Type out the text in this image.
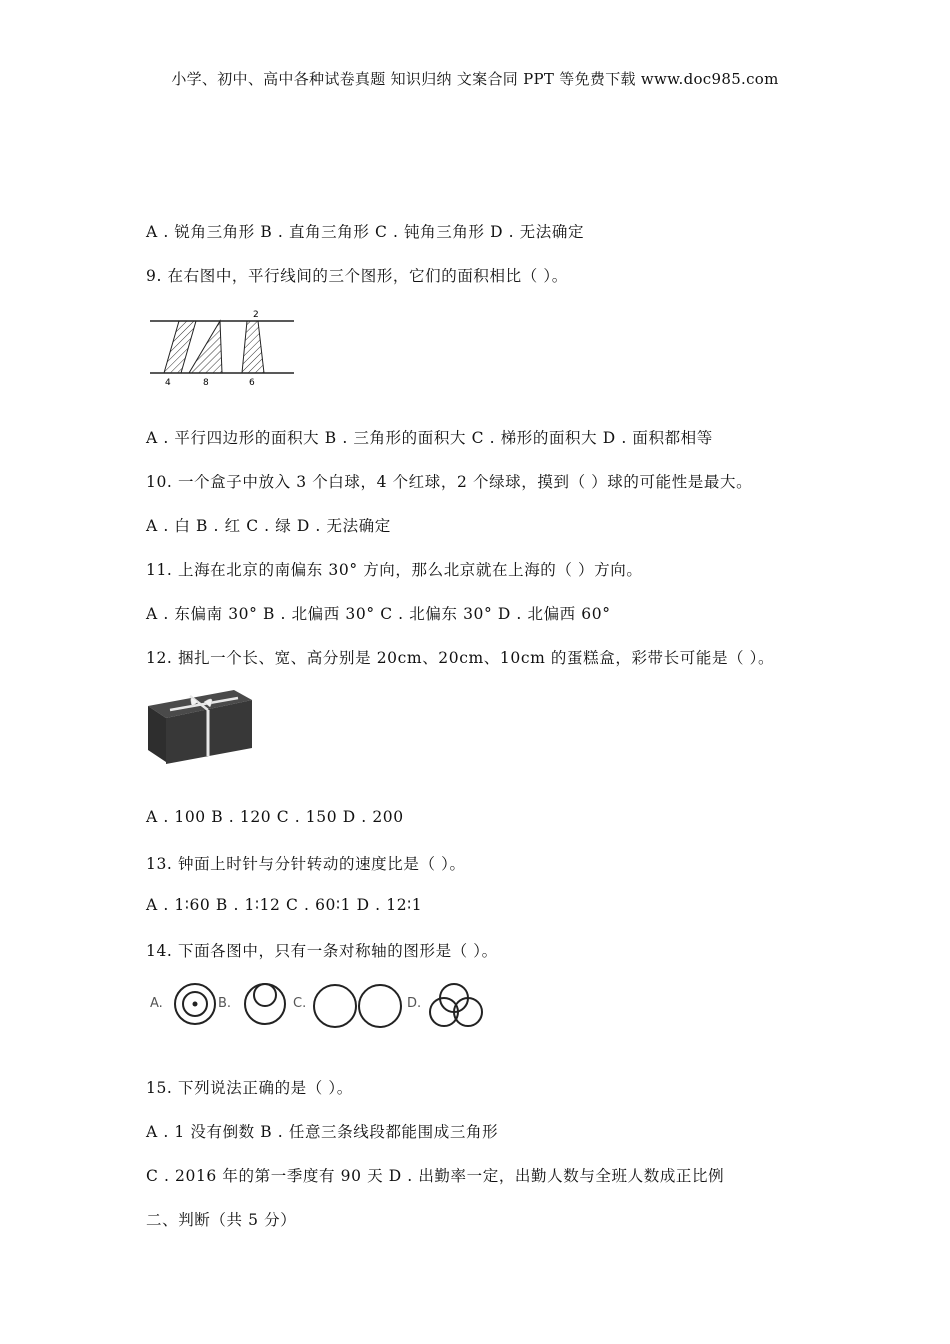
小学、初中、高中各种试卷真题 知识归纳 文案合同 PPT 等免费下载 www.doc985.com
A . 锐角三角形 B . 直角三角形 C . 钝角三角形 D . 无法确定
9. 在右图中，平行线间的三个图形，它们的面积相比（ ）。
2
4	8	6
A . 平行四边形的面积大 B . 三角形的面积大 C . 梯形的面积大 D . 面积都相等
10. 一个盒子中放入 3 个白球，4 个红球，2 个绿球，摸到（ ）球的可能性是最大。
A . 白 B . 红 C . 绿 D . 无法确定
11. 上海在北京的南偏东 30° 方向，那么北京就在上海的（ ）方向。
A . 东偏南 30° B . 北偏西 30° C . 北偏东 30° D . 北偏西 60°
12. 捆扎一个长、宽、高分别是 20cm、20cm、10cm 的蛋糕盒，彩带长可能是（ ）。
A . 100 B . 120 C . 150 D . 200
13. 钟面上时针与分针转动的速度比是（ ）。
A . 1∶60 B . 1∶12 C . 60∶1 D . 12∶1
14. 下面各图中，只有一条对称轴的图形是（ ）。
A.	B.	C.	D.
15. 下列说法正确的是（ ）。
A . 1 没有倒数 B . 任意三条线段都能围成三角形
C . 2016 年的第一季度有 90 天 D . 出勤率一定，出勤人数与全班人数成正比例
二、判断（共 5 分）
